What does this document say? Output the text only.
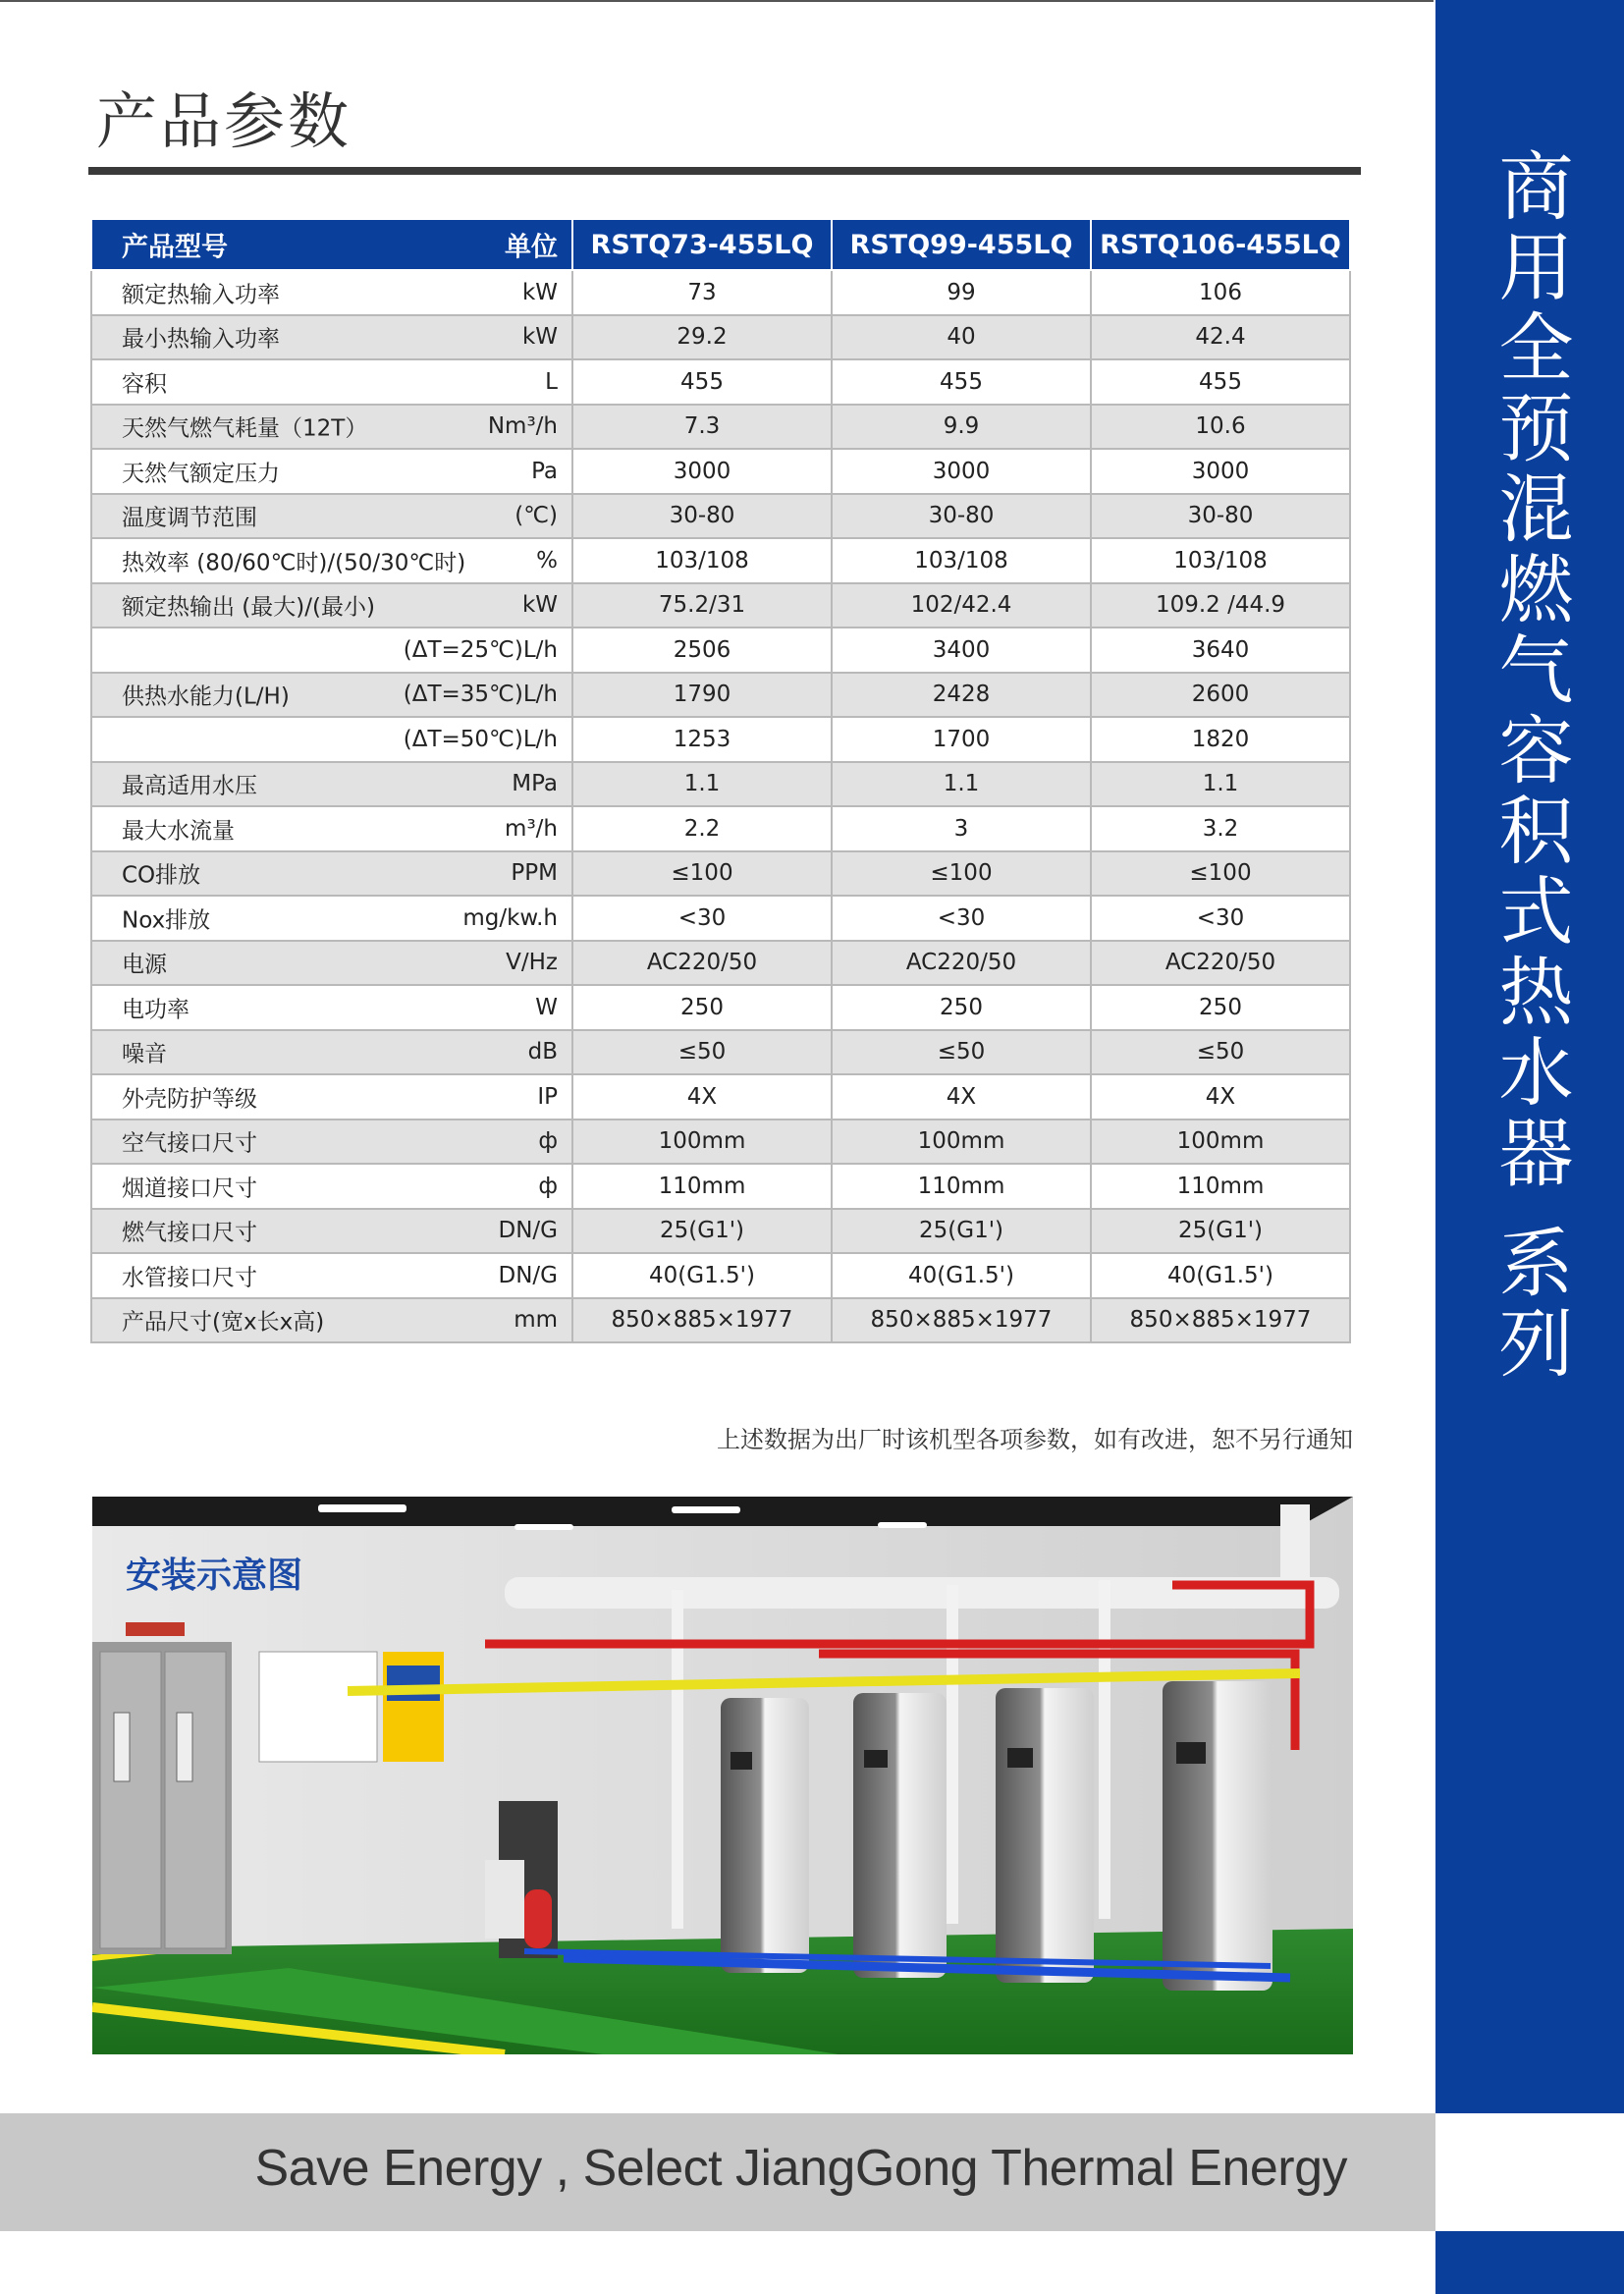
商用全预混燃气容积式热水器 系列
产品参数
产品型号 单位	RSTQ73-455LQ	RSTQ99-455LQ	RSTQ106-455LQ

额定热输入功率 kW	73	99	106

最小热输入功率 kW	29.2	40	42.4

容积 L	455	455	455

天然气燃气耗量（12T） Nm³/h	7.3	9.9	10.6

天然气额定压力 Pa	3000	3000	3000

温度调节范围 (℃)	30-80	30-80	30-80

热效率 (80/60℃时)/(50/30℃时) %	103/108	103/108	103/108

额定热输出 (最大)/(最小) kW	75.2/31	102/42.4	109.2 /44.9

(ΔT=25℃)L/h	2506	3400	3640

供热水能力(L/H) (ΔT=35℃)L/h	1790	2428	2600

(ΔT=50℃)L/h	1253	1700	1820

最高适用水压 MPa	1.1	1.1	1.1

最大水流量 m³/h	2.2	3	3.2

CO排放 PPM	≤100	≤100	≤100

Nox排放 mg/kw.h	<30	<30	<30

电源 V/Hz	AC220/50	AC220/50	AC220/50

电功率 W	250	250	250

噪音 dB	≤50	≤50	≤50

外壳防护等级 IP	4X	4X	4X

空气接口尺寸 ф	100mm	100mm	100mm

烟道接口尺寸 ф	110mm	110mm	110mm

燃气接口尺寸 DN/G	25(G1')	25(G1')	25(G1')

水管接口尺寸 DN/G	40(G1.5')	40(G1.5')	40(G1.5')

产品尺寸(宽x长x高) mm	850×885×1977	850×885×1977	850×885×1977
上述数据为出厂时该机型各项参数，如有改进，恕不另行通知
安装示意图
Save Energy , Select JiangGong Thermal Energy
